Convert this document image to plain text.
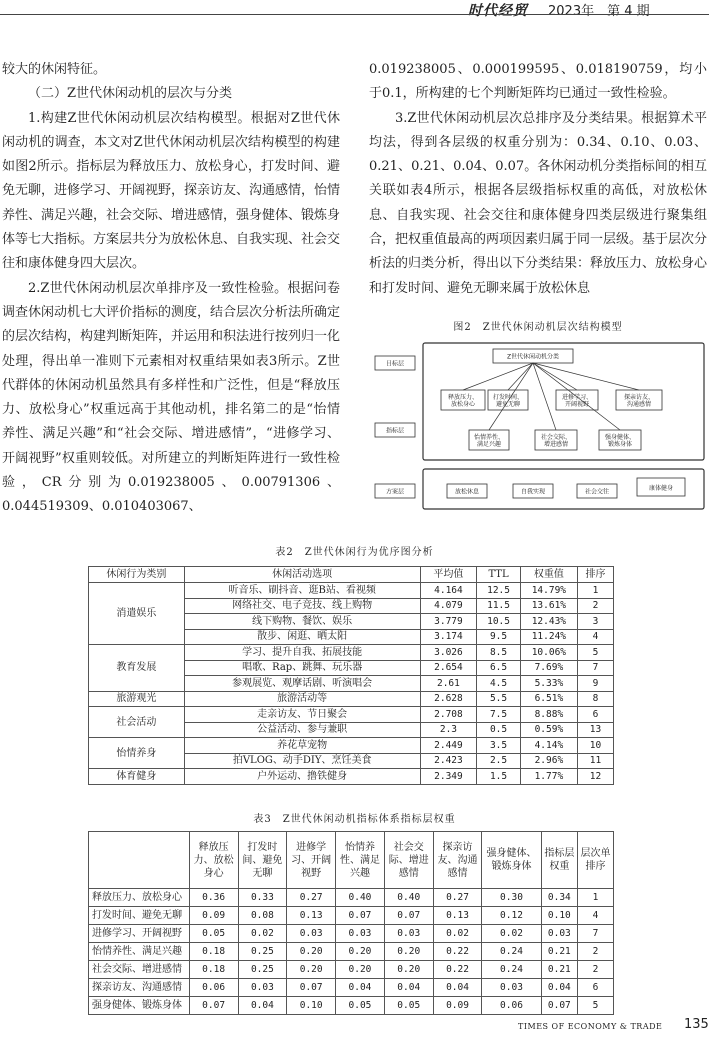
时代经贸 2023年　第 4 期

较大的休闲特征。

（二）Z世代休闲动机的层次与分类

1.构建Z世代休闲动机层次结构模型。根据对Z世代休闲动机的调查，本文对Z世代休闲动机层次结构模型的构建如图2所示。指标层为释放压力、放松身心，打发时间、避免无聊，进修学习、开阔视野，探亲访友、沟通感情，怡情养性、满足兴趣，社会交际、增进感情，强身健体、锻炼身体等七大指标。方案层共分为放松休息、自我实现、社会交往和康体健身四大层次。

2.Z世代休闲动机层次单排序及一致性检验。根据问卷调查休闲动机七大评价指标的测度，结合层次分析法所确定的层次结构，构建判断矩阵，并运用和积法进行按列归一化处理，得出单一准则下元素相对权重结果如表3所示。Z世代群体的休闲动机虽然具有多样性和广泛性，但是“释放压力、放松身心”权重远高于其他动机，排名第二的是“怡情养性、满足兴趣”和“社会交际、增进感情”，“进修学习、开阔视野”权重则较低。对所建立的判断矩阵进行一致性检验，CR分别为0.019238005、0.00791306、0.044519309、0.010403067、

0.019238005、0.000199595、0.018190759，均小于0.1，所构建的七个判断矩阵均已通过一致性检验。

3.Z世代休闲动机层次总排序及分类结果。根据算术平均法，得到各层级的权重分别为：0.34、0.10、0.03、0.21、0.21、0.04、0.07。各休闲动机分类指标间的相互关联如表4所示，根据各层级指标权重的高低，对放松休息、自我实现、社会交往和康体健身四类层级进行聚集组合，把权重值最高的两项因素归属于同一层级。基于层次分析法的归类分析，得出以下分类结果：释放压力、放松身心和打发时间、避免无聊来属于放松休息

图2　Z世代休闲动机层次结构模型
目标层
指标层
方案层
Z世代休闲动机分类
释放压力、
放松身心
打发时间、
避免无聊
进修学习、
开阔视野
探亲访友、
沟通感情
怡情养性、
满足兴趣
社会交际、
增进感情
强身健体、
锻炼身体
放松休息	自我实现	社会交往	康体健身
表2　Z世代休闲行为优序图分析
休闲行为类别	休闲活动选项	平均值	TTL	权重值	排序
消遣娱乐	听音乐、刷抖音、逛B站、看视频	4.164	12.5	14.79%	1
	网络社交、电子竞技、线上购物	4.079	11.5	13.61%	2
	线下购物、餐饮、娱乐	3.779	10.5	12.43%	3
	散步、闲逛、晒太阳	3.174	9.5	11.24%	4
教育发展	学习、提升自我、拓展技能	3.026	8.5	10.06%	5
	唱歌、Rap、跳舞、玩乐器	2.654	6.5	7.69%	7
	参观展览、观摩话剧、听演唱会	2.61	4.5	5.33%	9
旅游观光	旅游活动等	2.628	5.5	6.51%	8
社会活动	走亲访友、节日聚会	2.708	7.5	8.88%	6
	公益活动、参与兼职	2.3	0.5	0.59%	13
怡情养身	养花草宠物	2.449	3.5	4.14%	10
	拍VLOG、动手DIY、烹饪美食	2.423	2.5	2.96%	11
体育健身	户外运动、撸铁健身	2.349	1.5	1.77%	12
表3　Z世代休闲动机指标体系指标层权重
	释放压力、放松身心	打发时间、避免无聊	进修学习、开阔视野	怡情养性、满足兴趣	社会交际、增进感情	探亲访友、沟通感情	强身健体、锻炼身体	指标层权重	层次单排序
释放压力、放松身心	0.36	0.33	0.27	0.40	0.40	0.27	0.30	0.34	1
打发时间、避免无聊	0.09	0.08	0.13	0.07	0.07	0.13	0.12	0.10	4
进修学习、开阔视野	0.05	0.02	0.03	0.03	0.03	0.02	0.02	0.03	7
怡情养性、满足兴趣	0.18	0.25	0.20	0.20	0.20	0.22	0.24	0.21	2
社会交际、增进感情	0.18	0.25	0.20	0.20	0.20	0.22	0.24	0.21	2
探亲访友、沟通感情	0.06	0.03	0.07	0.04	0.04	0.04	0.03	0.04	6
强身健体、锻炼身体	0.07	0.04	0.10	0.05	0.05	0.09	0.06	0.07	5
TIMES OF ECONOMY & TRADE 135
